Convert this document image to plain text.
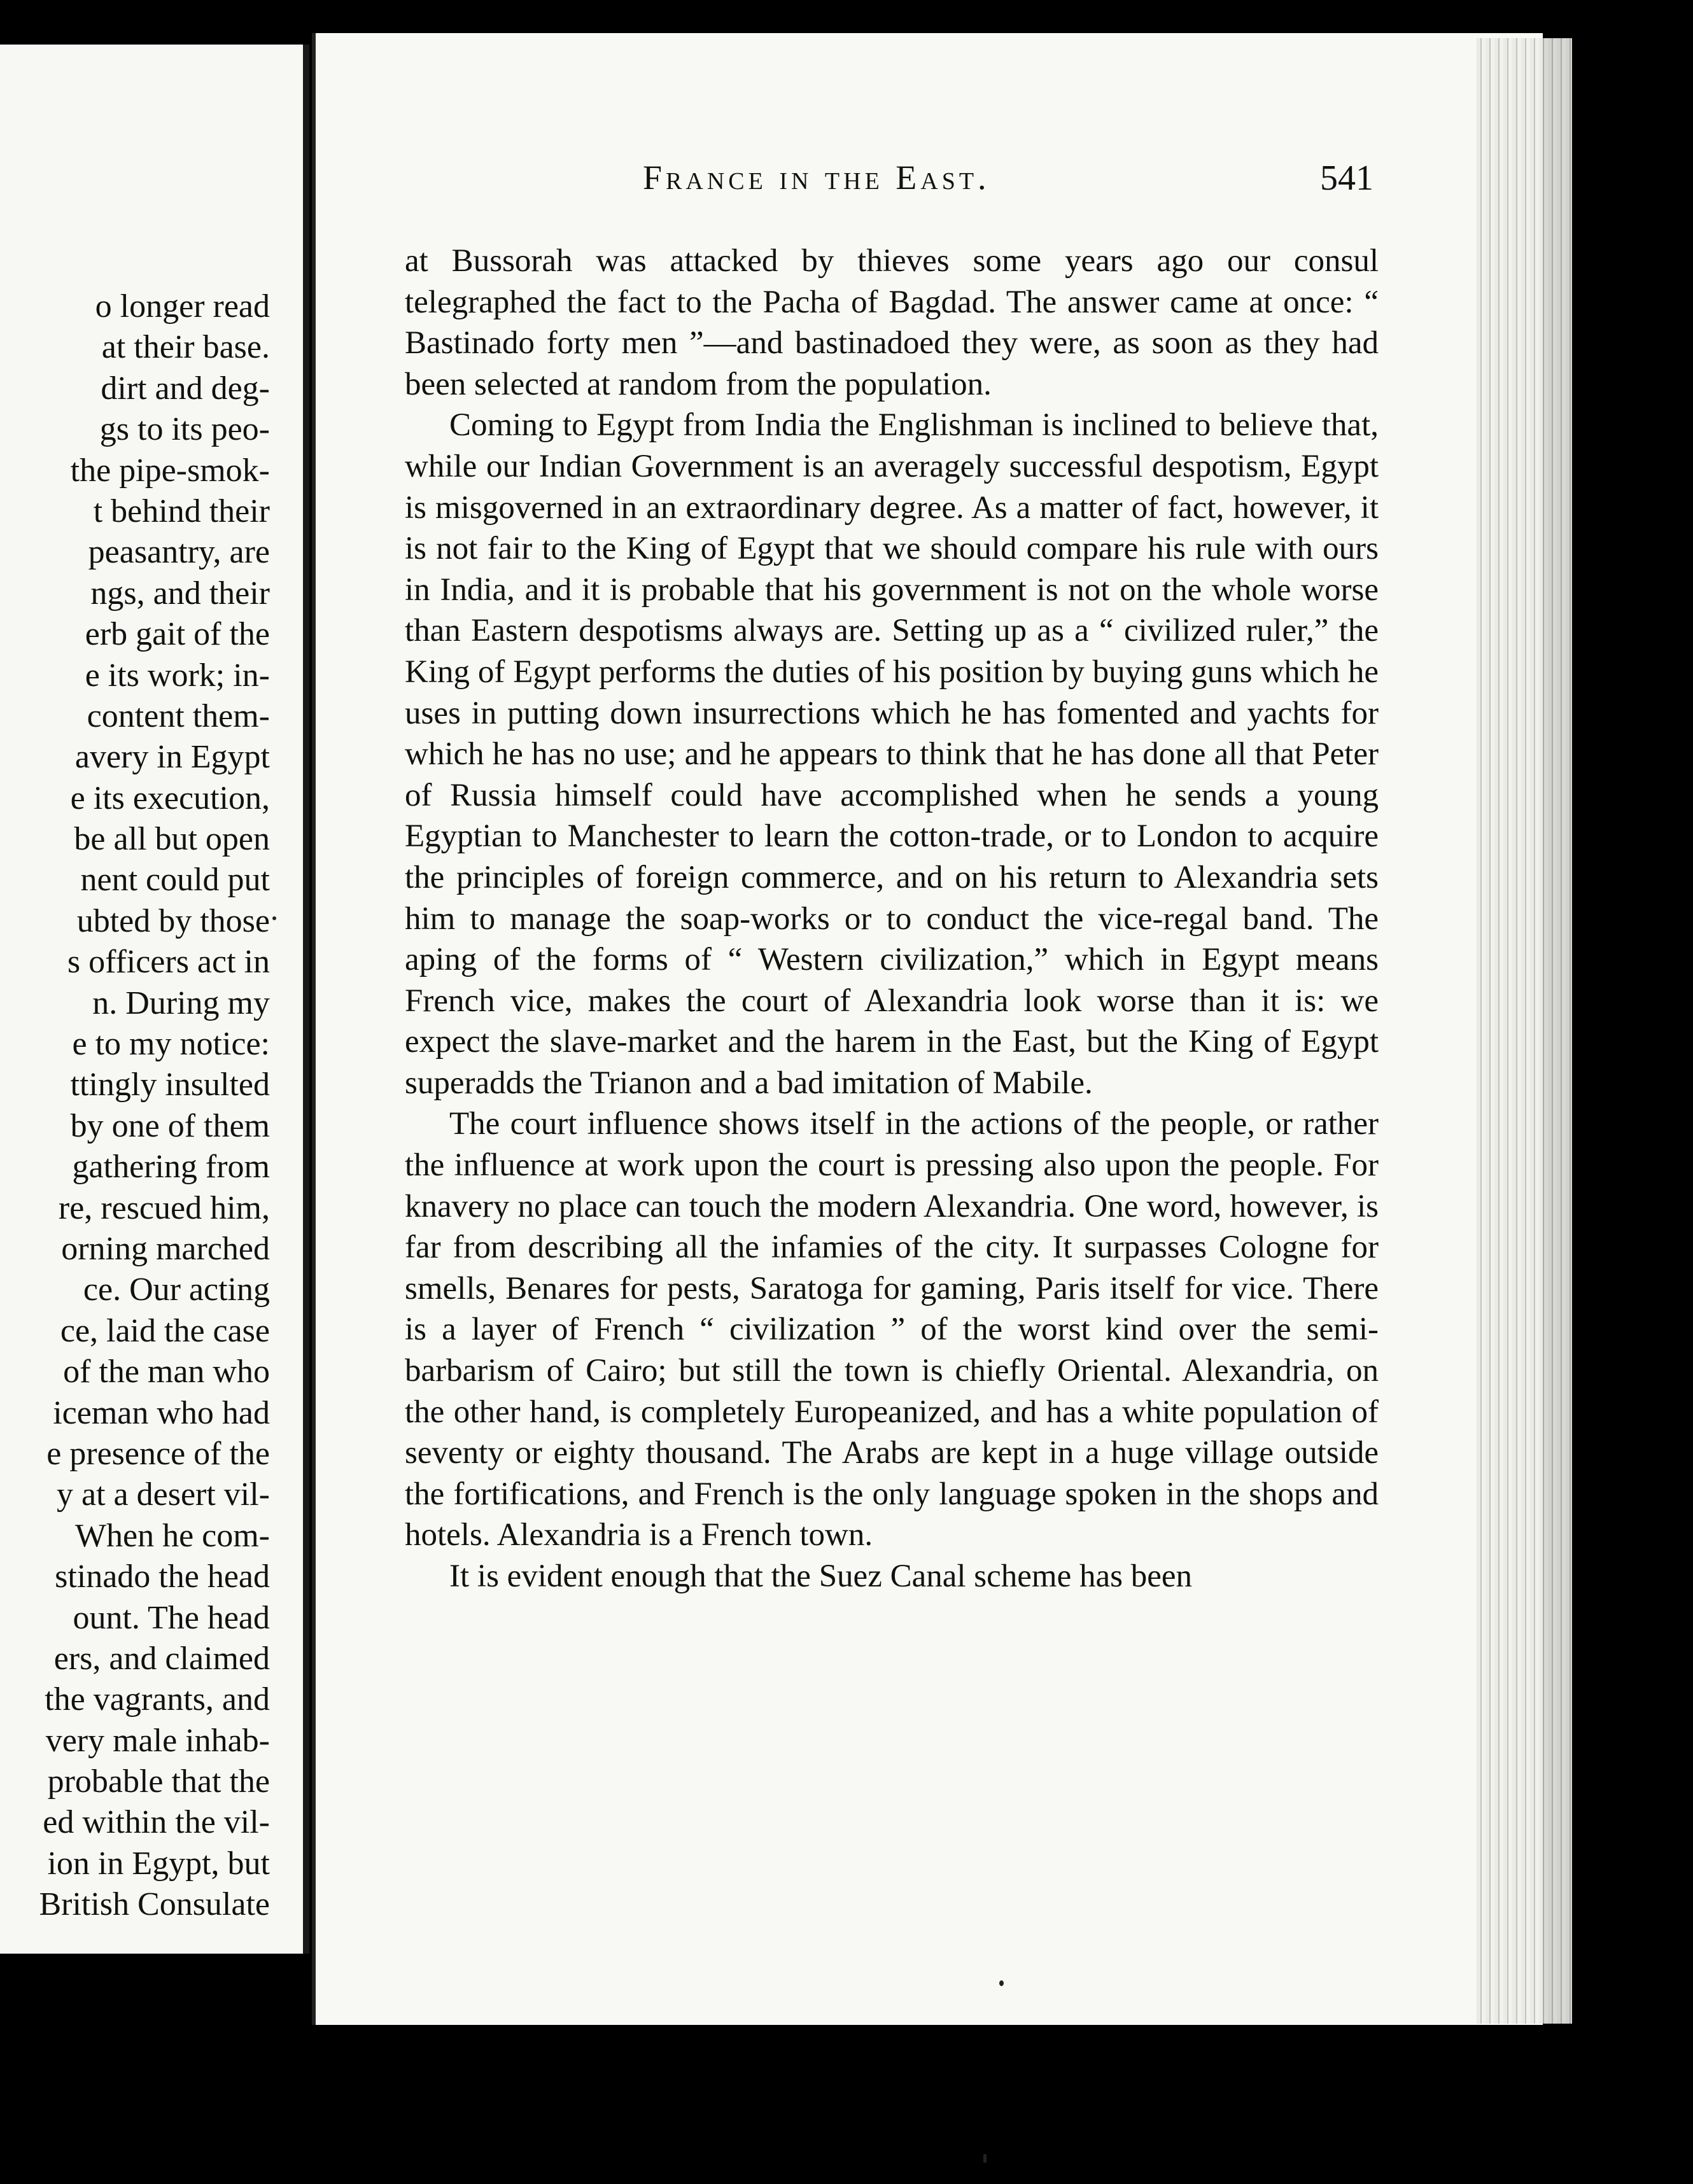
o longer read
at their base.
dirt and deg-
gs to its peo-
the pipe-smok-
t behind their
peasantry, are
ngs, and their
erb gait of the
e its work; in-
content them-
avery in Egypt
e its execution,
be all but open
nent could put
ubted by those
s officers act in
n. During my
e to my notice:
ttingly insulted
by one of them
gathering from
re, rescued him,
orning marched
ce. Our acting
ce, laid the case
of the man who
iceman who had
e presence of the
y at a desert vil-
When he com-
stinado the head
ount. The head
ers, and claimed
the vagrants, and
very male inhab-
probable that the
ed within the vil-
ion in Egypt, but
British Consulate
France in the East.	541

at Bussorah was attacked by thieves some years ago our consul telegraphed the fact to the Pacha of Bagdad. The answer came at once: “ Bastinado forty men ”—and bastinadoed they were, as soon as they had been selected at random from the population.

Coming to Egypt from India the Englishman is inclined to believe that, while our Indian Government is an averagely successful despotism, Egypt is misgoverned in an extraordinary degree. As a matter of fact, however, it is not fair to the King of Egypt that we should compare his rule with ours in India, and it is probable that his government is not on the whole worse than Eastern despotisms always are. Setting up as a “ civilized ruler,” the King of Egypt performs the duties of his position by buying guns which he uses in putting down insurrections which he has fomented and yachts for which he has no use; and he appears to think that he has done all that Peter of Russia himself could have accomplished when he sends a young Egyptian to Manchester to learn the cotton-trade, or to London to acquire the principles of foreign commerce, and on his return to Alexandria sets him to manage the soap-works or to conduct the vice-regal band. The aping of the forms of “ Western civilization,” which in Egypt means French vice, makes the court of Alexandria look worse than it is: we expect the slave-market and the harem in the East, but the King of Egypt superadds the Trianon and a bad imitation of Mabile.

The court influence shows itself in the actions of the people, or rather the influence at work upon the court is pressing also upon the people. For knavery no place can touch the modern Alexandria. One word, however, is far from describing all the infamies of the city. It surpasses Cologne for smells, Benares for pests, Saratoga for gaming, Paris itself for vice. There is a layer of French “ civilization ” of the worst kind over the semi-barbarism of Cairo; but still the town is chiefly Oriental. Alexandria, on the other hand, is completely Europeanized, and has a white population of seventy or eighty thousand. The Arabs are kept in a huge village outside the fortifications, and French is the only language spoken in the shops and hotels. Alexandria is a French town.

It is evident enough that the Suez Canal scheme has been
